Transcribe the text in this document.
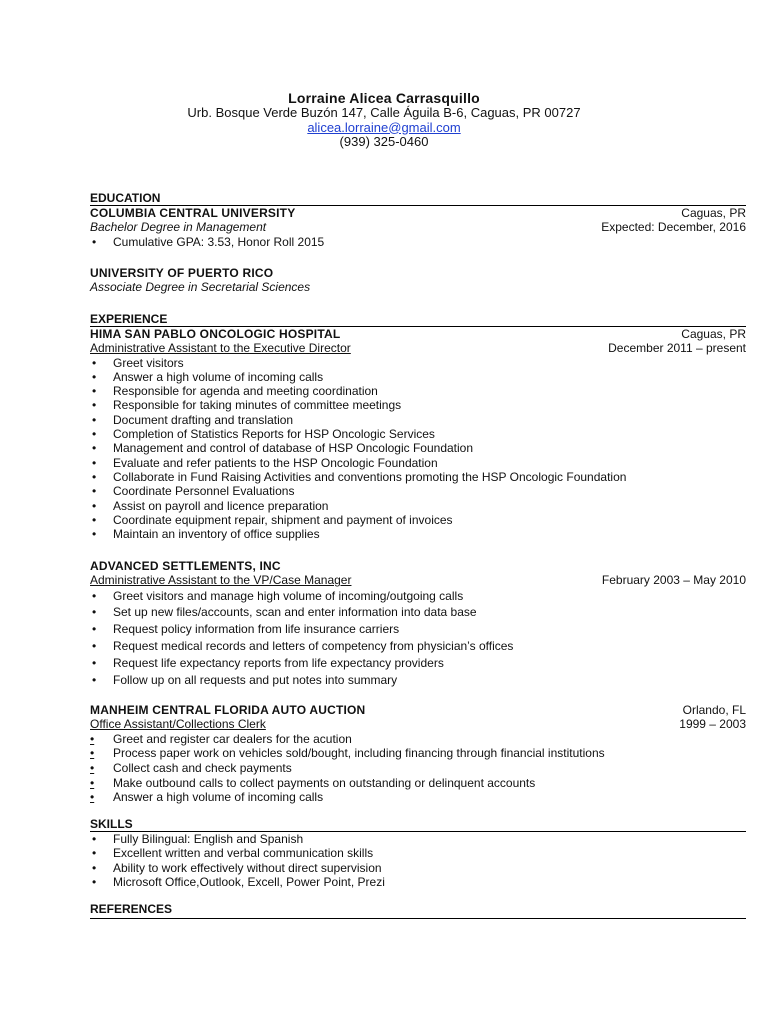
Lorraine Alicea Carrasquillo
Urb. Bosque Verde Buzón 147, Calle Águila B-6, Caguas, PR 00727
alicea.lorraine@gmail.com
(939) 325-0460
EDUCATION
COLUMBIA CENTRAL UNIVERSITY	Caguas, PR
Bachelor Degree in Management	Expected: December, 2016
• Cumulative GPA: 3.53, Honor Roll 2015
UNIVERSITY OF PUERTO RICO
Associate Degree in Secretarial Sciences
EXPERIENCE
HIMA SAN PABLO ONCOLOGIC HOSPITAL	Caguas, PR
Administrative Assistant to the Executive Director	December 2011 – present
• Greet visitors
• Answer a high volume of incoming calls
• Responsible for agenda and meeting coordination
• Responsible for taking minutes of committee meetings
• Document drafting and translation
• Completion of Statistics Reports for HSP Oncologic Services
• Management and control of database of HSP Oncologic Foundation
• Evaluate and refer patients to the HSP Oncologic Foundation
• Collaborate in Fund Raising Activities and conventions promoting the HSP Oncologic Foundation
• Coordinate Personnel Evaluations
• Assist on payroll and licence preparation
• Coordinate equipment repair, shipment and payment of invoices
• Maintain an inventory of office supplies
ADVANCED SETTLEMENTS, INC
Administrative Assistant to the VP/Case Manager	February 2003 – May 2010
• Greet visitors and manage high volume of incoming/outgoing calls
• Set up new files/accounts, scan and enter information into data base
• Request policy information from life insurance carriers
• Request medical records and letters of competency from physician’s offices
• Request life expectancy reports from life expectancy providers
• Follow up on all requests and put notes into summary
MANHEIM CENTRAL FLORIDA AUTO AUCTION	Orlando, FL
Office Assistant/Collections Clerk	1999 – 2003
•	Greet and register car dealers for the acution
•	Process paper work on vehicles sold/bought, including financing through financial institutions
•	Collect cash and check payments
•	Make outbound calls to collect payments on outstanding or delinquent accounts
•	Answer a high volume of incoming calls
SKILLS
• Fully Bilingual: English and Spanish
• Excellent written and verbal communication skills
• Ability to work effectively without direct supervision
• Microsoft Office,Outlook, Excell, Power Point, Prezi
REFERENCES
